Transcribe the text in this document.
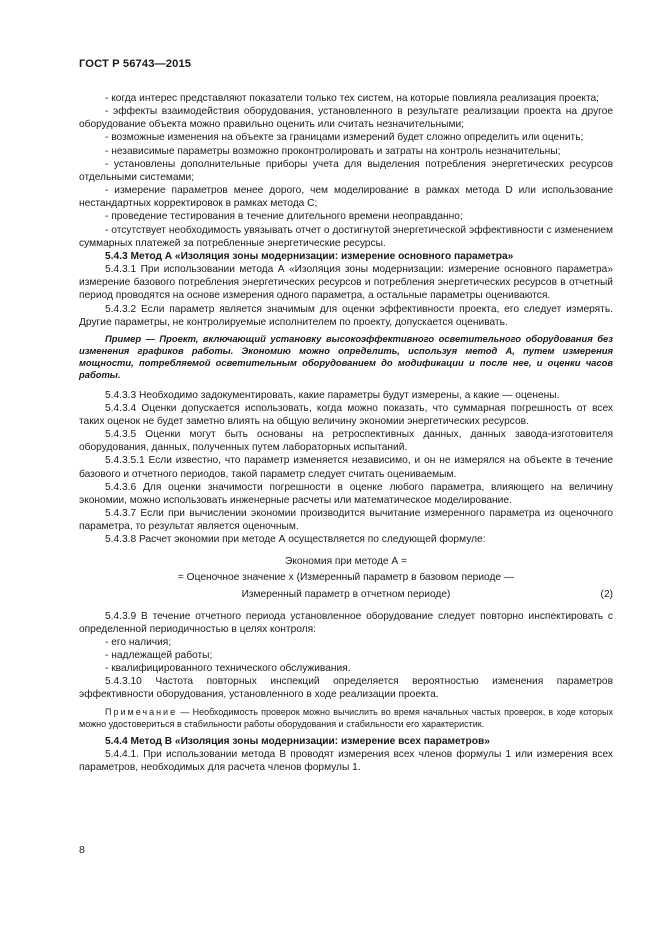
ГОСТ Р 56743—2015

- когда интерес представляют показатели только тех систем, на которые повлияла реализация проекта;

- эффекты взаимодействия оборудования, установленного в результате реализации проекта на другое оборудование объекта можно правильно оценить или считать незначительными;

- возможные изменения на объекте за границами измерений будет сложно определить или оценить;

- независимые параметры возможно проконтролировать и затраты на контроль незначительны;

- установлены дополнительные приборы учета для выделения потребления энергетических ресурсов отдельными системами;

- измерение параметров менее дорого, чем моделирование в рамках метода D или использование нестандартных корректировок в рамках метода С;

- проведение тестирования в течение длительного времени неоправданно;

- отсутствует необходимость увязывать отчет о достигнутой энергетической эффективности с изменением суммарных платежей за потребленные энергетические ресурсы.

5.4.3 Метод А «Изоляция зоны модернизации: измерение основного параметра»

5.4.3.1 При использовании метода А «Изоляция зоны модернизации: измерение основного параметра» измерение базового потребления энергетических ресурсов и потребления энергетических ресурсов в отчетный период проводятся на основе измерения одного параметра, а остальные параметры оцениваются.

5.4.3.2 Если параметр является значимым для оценки эффективности проекта, его следует измерять. Другие параметры, не контролируемые исполнителем по проекту, допускается оценивать.

Пример — Проект, включающий установку высокоэффективного осветительного оборудования без изменения графиков работы. Экономию можно определить, используя метод А, путем измерения мощности, потребляемой осветительным оборудованием до модификации и после нее, и оценки часов работы.

5.4.3.3 Необходимо задокументировать, какие параметры будут измерены, а какие — оценены.

5.4.3.4 Оценки допускается использовать, когда можно показать, что суммарная погрешность от всех таких оценок не будет заметно влиять на общую величину экономии энергетических ресурсов.

5.4.3.5 Оценки могут быть основаны на ретроспективных данных, данных завода-изготовителя оборудования, данных, полученных путем лабораторных испытаний.

5.4.3.5.1 Если известно, что параметр изменяется независимо, и он не измерялся на объекте в течение базового и отчетного периодов, такой параметр следует считать оцениваемым.

5.4.3.6 Для оценки значимости погрешности в оценке любого параметра, влияющего на величину экономии, можно использовать инженерные расчеты или математическое моделирование.

5.4.3.7 Если при вычислении экономии производится вычитание измеренного параметра из оценочного параметра, то результат является оценочным.

5.4.3.8 Расчет экономии при методе А осуществляется по следующей формуле:

Экономия при методе А =
= Оценочное значение x (Измеренный параметр в базовом периоде —
Измеренный параметр в отчетном периоде)	(2)

5.4.3.9 В течение отчетного периода установленное оборудование следует повторно инспектировать с определенной периодичностью в целях контроля:

- его наличия;

- надлежащей работы;

- квалифицированного технического обслуживания.

5.4.3.10 Частота повторных инспекций определяется вероятностью изменения параметров эффективности оборудования, установленного в ходе реализации проекта.

Примечание — Необходимость проверок можно вычислить во время начальных частых проверок, в ходе которых можно удостовериться в стабильности работы оборудования и стабильности его характеристик.

5.4.4 Метод В «Изоляция зоны модернизации: измерение всех параметров»

5.4.4.1. При использовании метода В проводят измерения всех членов формулы 1 или измерения всех параметров, необходимых для расчета членов формулы 1.

8
